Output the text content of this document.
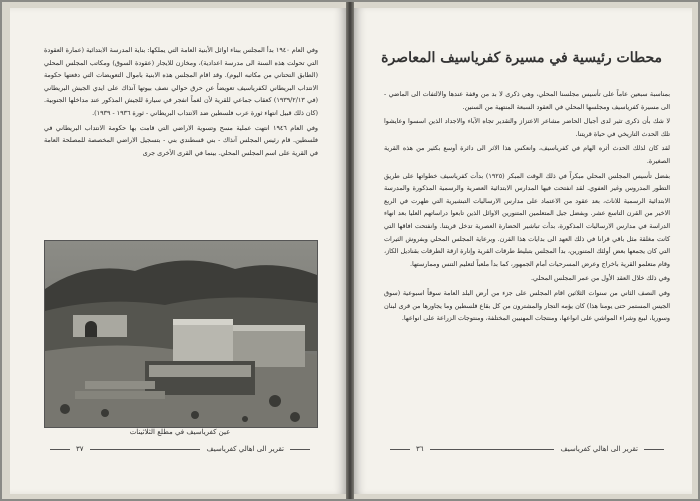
وفي العام ١٩٤٠ بدأ المجلس ببناء اوائل الأبنية العامة التي يملكها: بناية المدرسة الابتدائية (عمارة العقودة التي تحولت هذه السنة الى مدرسة اعدادية)، ومخازن للايجار (عقودة السوق) ومكاتب المجلس المحلي (الطابق التحتاني من مكاتبه اليوم). وقد اقام المجلس هذه الابنية باموال التعويضات التي دفعتها حكومة الانتداب البريطاني لكفرياسيف تعويضاً عن حرق حوالي نصف بيوتها آنذاك على ايدي الجيش البريطاني (في ١٩٣٩/٢/١٣) كعقاب جماعي للقرية لأن لغماً انفجر في سيارة للجيش المذكور عند مداخلها الجنوبية. (كان ذلك قبيل انتهاء ثورة عرب فلسطين ضد الانتداب البريطاني - ثورة ١٩٣٦ - ١٩٣٩).

وفي العام ١٩٤٦ انتهت عملية مسح وتسوية الاراضي التي قامت بها حكومة الانتداب البريطاني في فلسطين. قام رئيس المجلس آنذاك - بني قسطندي بني - بتسجيل الاراضي المخصصة للمصلحة العامة في القرية على اسم المجلس المحلي. بينما في القرى الأخرى جرى

عين كفرياسيف في مطلع الثلاثينات
تقرير الى اهالي كفرياسيف
٣٧
محطات رئيسية في مسيرة كفرياسيف المعاصرة

بمناسبة سبعين عاماً على تأسيس مجلسنا المحلي، وهي ذكرى لا بد من وقفة عندها والالتفات الى الماضي - الى مسيرة كفرياسيف ومجلسها المحلي في العقود السبعة المنتهية من السنين.

لا شك بأن ذكرى تثير لدى أجيال الحاضر مشاعر الاعتزاز والتقدير تجاه الآباء والاجداد الذين اسسوا وعايشوا تلك الحدث التاريخي في حياة قريتنا.

لقد كان لذلك الحدث أثره الهام في كفرياسيف، وانعكس هذا الاثر الى دائرة أوسع بكثير من هذه القرية الصغيرة.

بفضل تأسيس المجلس المحلي مبكراً في ذلك الوقت المبكر (١٩٢٥) بدأت كفرياسيف خطواتها على طريق التطور المدروس وغير العفوي. لقد انفتحت فيها المدارس الابتدائية العصرية والرسمية المذكورة والمدرسة الابتدائية الرسمية للاناث، بعد عقود من الاعتماد على مدارس الارساليات التبشيرية التي ظهرت في الربع الاخير من القرن التاسع عشر. وبفضل جيل المتعلمين المتنورين الاوائل الذين تابعوا دراساتهم العليا بعد انهاء الدراسة في مدارس الارساليات المذكورة، بدأت تباشير الحضارة العصرية تدخل قريتنا. وانفتحت افاقها التي كانت مغلقة مثل باقي قرانا في ذلك العهد الى بدايات هذا القرن. وبرعاية المجلس المحلي وبفروش الثيرات التي كان يجمعها بعض أولئك المتنورين، بدأ المجلس بتبليط طرقات القرية وإنارة ازقة الطرقات بقناديل الكاز، وقام متعلمو القرية باخراج وعرض المسرحيات أمام الجمهور، كما بدأ ملعباً لتعليم التنس وممارستها.

وفي ذلك خلال العقد الأول من عمر المجلس المحلي.

وفي النصف الثاني من سنوات الثلاثين اقام المجلس على جزء من أرض البلد العامة سوقاً اسبوعية (سوق الجيس المستمر حتى يومنا هذا) كان يؤمه التجار والمشترون من كل بقاع فلسطين وما يجاورها من قرى لبنان وسوريا، لبيع وشراء المواشي على انواعها، ومنتجات المهنيين المختلفة، ومنتوجات الزراعة على انواعها.

تقرير الى اهالي كفرياسيف
٣٦
